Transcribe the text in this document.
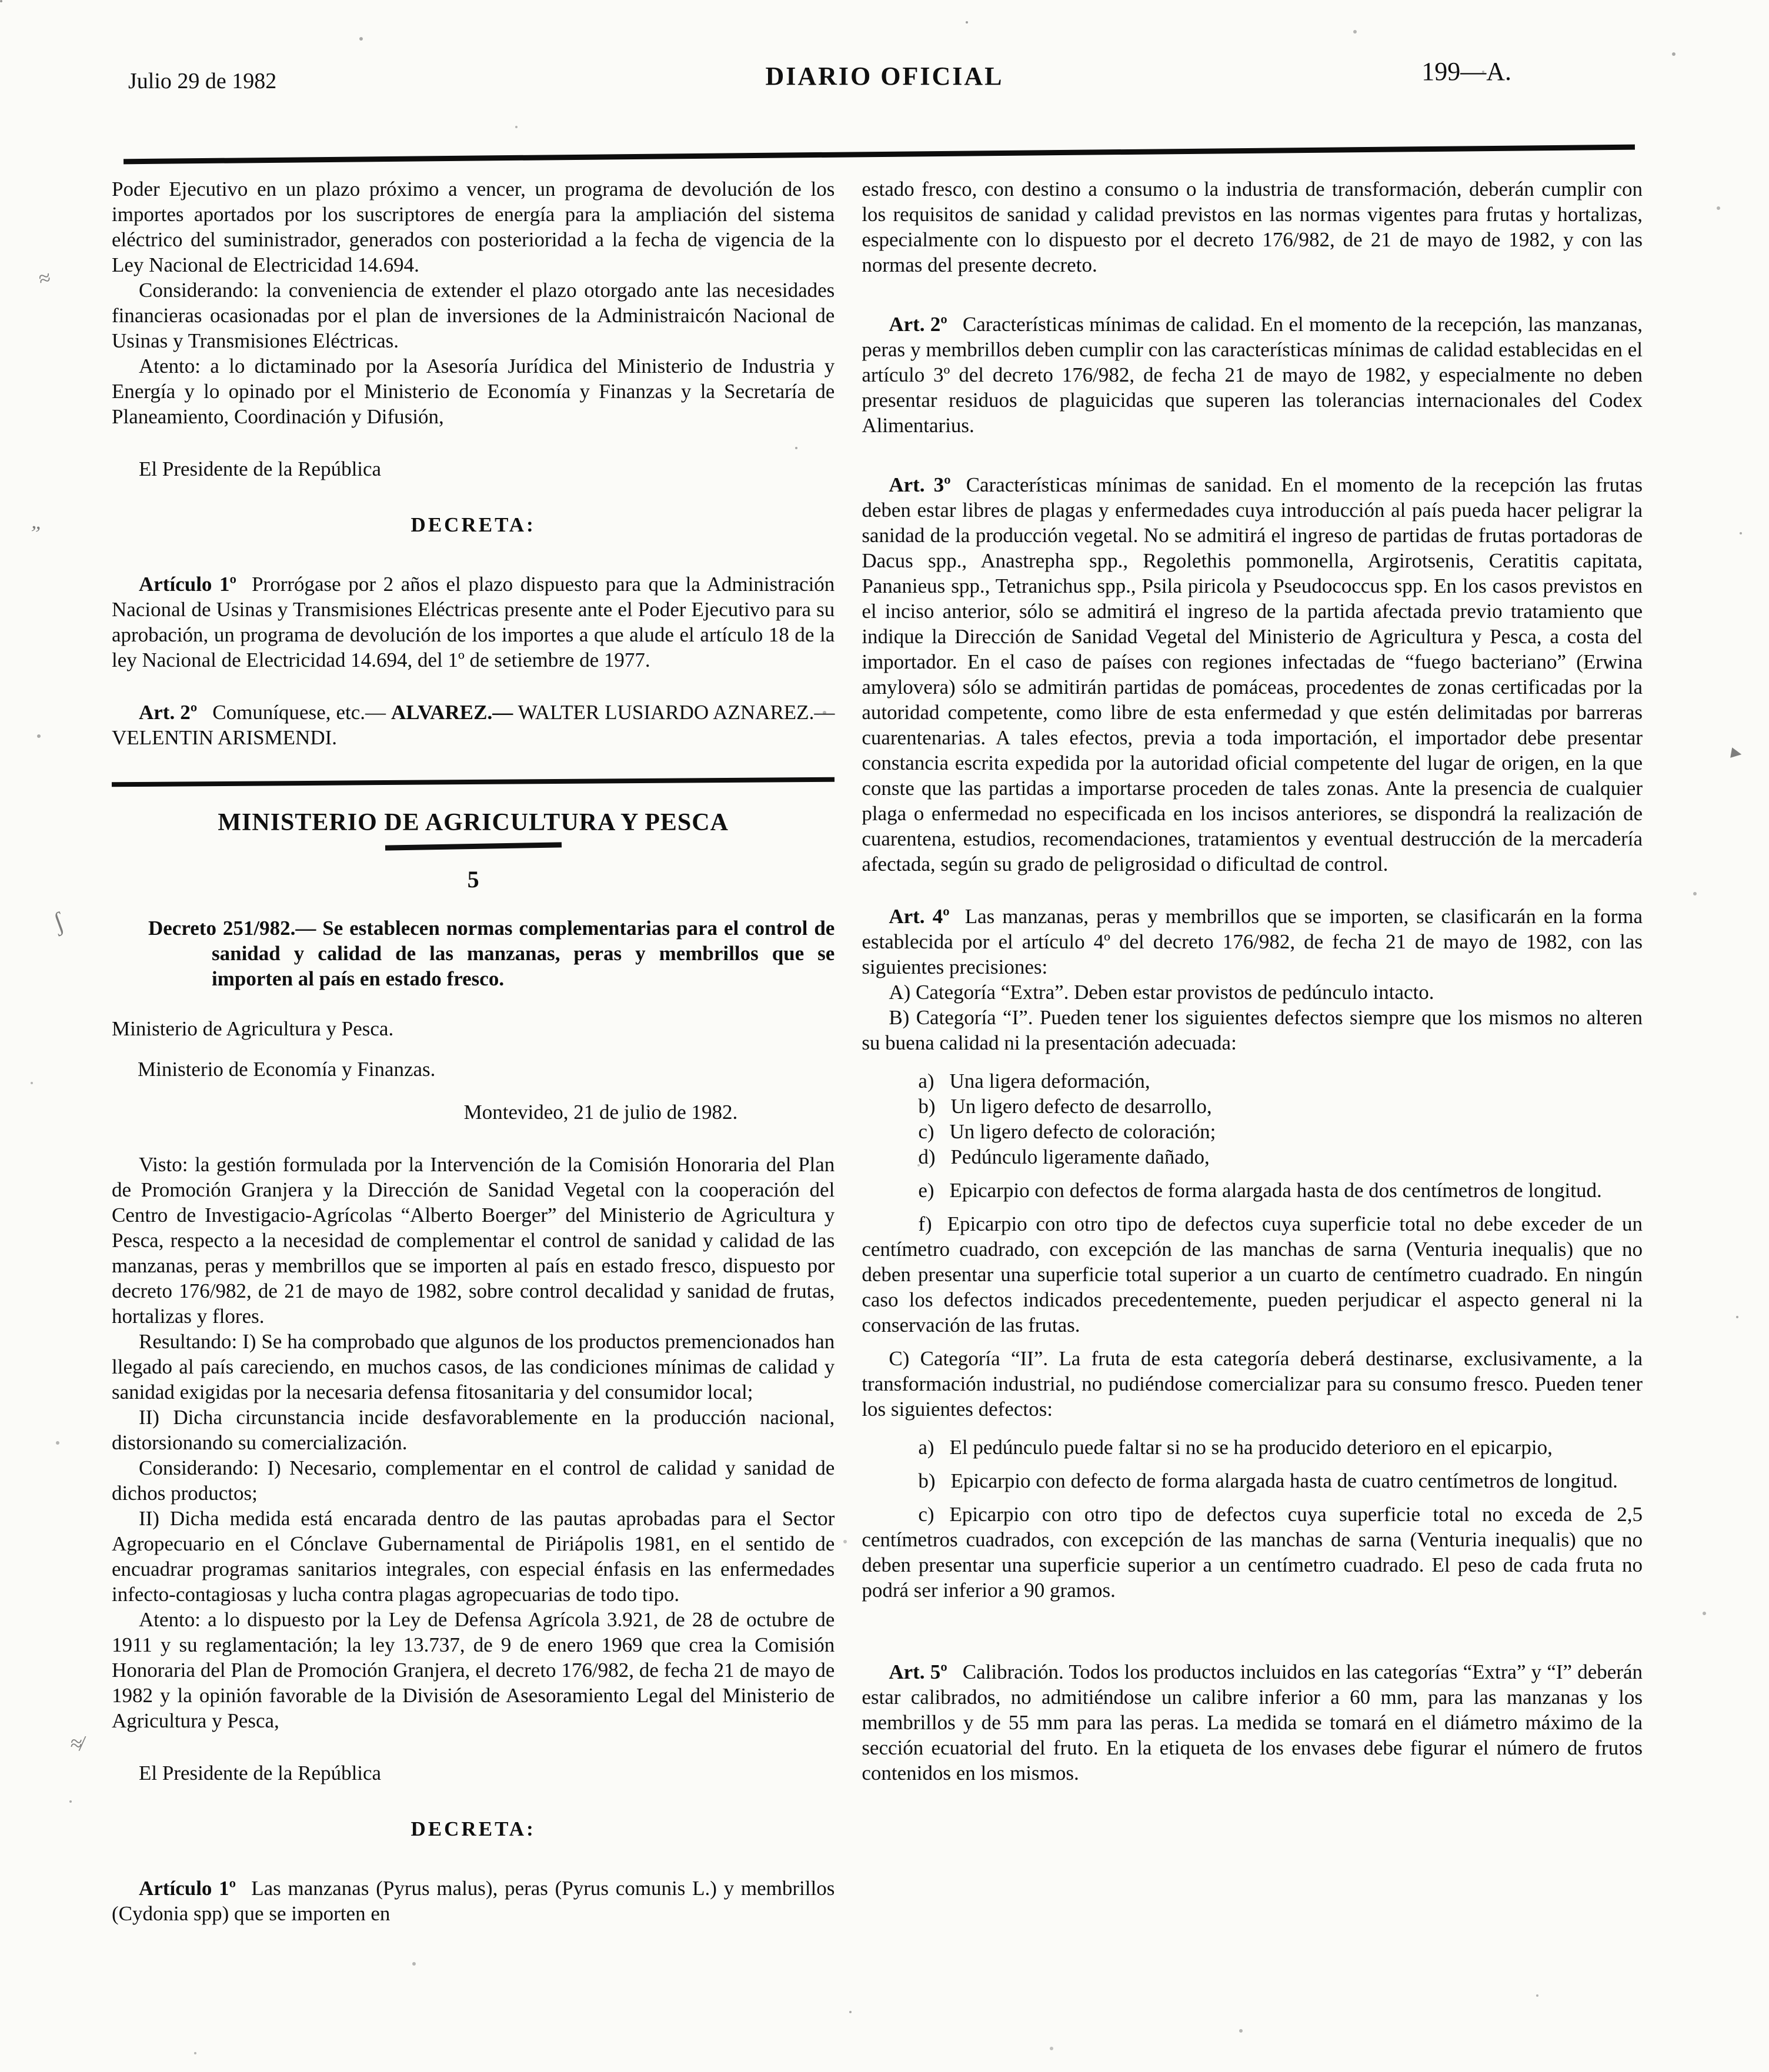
Julio 29 de 1982	DIARIO OFICIAL	199—A.

Poder Ejecutivo en un plazo próximo a vencer, un programa de devolución de los importes aportados por los suscriptores de energía para la ampliación del sistema eléctrico del suministrador, generados con posterioridad a la fecha de vigencia de la Ley Nacional de Electricidad 14.694.

Considerando: la conveniencia de extender el plazo otorgado ante las necesidades financieras ocasionadas por el plan de inversiones de la Administraicón Nacional de Usinas y Transmisiones Eléctricas.

Atento: a lo dictaminado por la Asesoría Jurídica del Ministerio de Industria y Energía y lo opinado por el Ministerio de Economía y Finanzas y la Secretaría de Planeamiento, Coordinación y Difusión,

El Presidente de la República

DECRETA:

Artículo 1º Prorrógase por 2 años el plazo dispuesto para que la Administración Nacional de Usinas y Transmisiones Eléctricas presente ante el Poder Ejecutivo para su aprobación, un programa de devolución de los importes a que alude el artículo 18 de la ley Nacional de Electricidad 14.694, del 1º de setiembre de 1977.

Art. 2º Comuníquese, etc.— ALVAREZ.— WALTER LUSIARDO AZNAREZ.— VELENTIN ARISMENDI.

MINISTERIO DE AGRICULTURA Y PESCA

5

Decreto 251/982.— Se establecen normas complementarias para el control de sanidad y calidad de las manzanas, peras y membrillos que se importen al país en estado fresco.

Ministerio de Agricultura y Pesca.

Ministerio de Economía y Finanzas.

Montevideo, 21 de julio de 1982.

Visto: la gestión formulada por la Intervención de la Comisión Honoraria del Plan de Promoción Granjera y la Dirección de Sanidad Vegetal con la cooperación del Centro de Investigacio-Agrícolas “Alberto Boerger” del Ministerio de Agricultura y Pesca, respecto a la necesidad de complementar el control de sanidad y calidad de las manzanas, peras y membrillos que se importen al país en estado fresco, dispuesto por decreto 176/982, de 21 de mayo de 1982, sobre control decalidad y sanidad de frutas, hortalizas y flores.

Resultando: I) Se ha comprobado que algunos de los productos premencionados han llegado al país careciendo, en muchos casos, de las condiciones mínimas de calidad y sanidad exigidas por la necesaria defensa fitosanitaria y del consumidor local;

II) Dicha circunstancia incide desfavorablemente en la producción nacional, distorsionando su comercialización.

Considerando: I) Necesario, complementar en el control de calidad y sanidad de dichos productos;

II) Dicha medida está encarada dentro de las pautas aprobadas para el Sector Agropecuario en el Cónclave Gubernamental de Piriápolis 1981, en el sentido de encuadrar programas sanitarios integrales, con especial énfasis en las enfermedades infecto-contagiosas y lucha contra plagas agropecuarias de todo tipo.

Atento: a lo dispuesto por la Ley de Defensa Agrícola 3.921, de 28 de octubre de 1911 y su reglamentación; la ley 13.737, de 9 de enero 1969 que crea la Comisión Honoraria del Plan de Promoción Granjera, el decreto 176/982, de fecha 21 de mayo de 1982 y la opinión favorable de la División de Asesoramiento Legal del Ministerio de Agricultura y Pesca,

El Presidente de la República

DECRETA:

Artículo 1º Las manzanas (Pyrus malus), peras (Pyrus comunis L.) y membrillos (Cydonia spp) que se importen en

estado fresco, con destino a consumo o la industria de transformación, deberán cumplir con los requisitos de sanidad y calidad previstos en las normas vigentes para frutas y hortalizas, especialmente con lo dispuesto por el decreto 176/982, de 21 de mayo de 1982, y con las normas del presente decreto.

Art. 2º Características mínimas de calidad. En el momento de la recepción, las manzanas, peras y membrillos deben cumplir con las características mínimas de calidad establecidas en el artículo 3º del decreto 176/982, de fecha 21 de mayo de 1982, y especialmente no deben presentar residuos de plaguicidas que superen las tolerancias internacionales del Codex Alimentarius.

Art. 3º Características mínimas de sanidad. En el momento de la recepción las frutas deben estar libres de plagas y enfermedades cuya introducción al país pueda hacer peligrar la sanidad de la producción vegetal. No se admitirá el ingreso de partidas de frutas portadoras de Dacus spp., Anastrepha spp., Regolethis pommonella, Argirotsenis, Ceratitis capitata, Pananieus spp., Tetranichus spp., Psila piricola y Pseudococcus spp. En los casos previstos en el inciso anterior, sólo se admitirá el ingreso de la partida afectada previo tratamiento que indique la Dirección de Sanidad Vegetal del Ministerio de Agricultura y Pesca, a costa del importador. En el caso de países con regiones infectadas de “fuego bacteriano” (Erwina amylovera) sólo se admitirán partidas de pomáceas, procedentes de zonas certificadas por la autoridad competente, como libre de esta enfermedad y que estén delimitadas por barreras cuarentenarias. A tales efectos, previa a toda importación, el importador debe presentar constancia escrita expedida por la autoridad oficial competente del lugar de origen, en la que conste que las partidas a importarse proceden de tales zonas. Ante la presencia de cualquier plaga o enfermedad no especificada en los incisos anteriores, se dispondrá la realización de cuarentena, estudios, recomendaciones, tratamientos y eventual destrucción de la mercadería afectada, según su grado de peligrosidad o dificultad de control.

Art. 4º Las manzanas, peras y membrillos que se importen, se clasificarán en la forma establecida por el artículo 4º del decreto 176/982, de fecha 21 de mayo de 1982, con las siguientes precisiones:

A) Categoría “Extra”. Deben estar provistos de pedúnculo intacto.

B) Categoría “I”. Pueden tener los siguientes defectos siempre que los mismos no alteren su buena calidad ni la presentación adecuada:

a) Una ligera deformación,

b) Un ligero defecto de desarrollo,

c) Un ligero defecto de coloración;

d) Pedúnculo ligeramente dañado,

e) Epicarpio con defectos de forma alargada hasta de dos centímetros de longitud.

f) Epicarpio con otro tipo de defectos cuya superficie total no debe exceder de un centímetro cuadrado, con excepción de las manchas de sarna (Venturia inequalis) que no deben presentar una superficie total superior a un cuarto de centímetro cuadrado. En ningún caso los defectos indicados precedentemente, pueden perjudicar el aspecto general ni la conservación de las frutas.

C) Categoría “II”. La fruta de esta categoría deberá destinarse, exclusivamente, a la transformación industrial, no pudiéndose comercializar para su consumo fresco. Pueden tener los siguientes defectos:

a) El pedúnculo puede faltar si no se ha producido deterioro en el epicarpio,

b) Epicarpio con defecto de forma alargada hasta de cuatro centímetros de longitud.

c) Epicarpio con otro tipo de defectos cuya superficie total no exceda de 2,5 centímetros cuadrados, con excepción de las manchas de sarna (Venturia inequalis) que no deben presentar una superficie superior a un centímetro cuadrado. El peso de cada fruta no podrá ser inferior a 90 gramos.

Art. 5º Calibración. Todos los productos incluidos en las categorías “Extra” y “I” deberán estar calibrados, no admitiéndose un calibre inferior a 60 mm, para las manzanas y los membrillos y de 55 mm para las peras. La medida se tomará en el diámetro máximo de la sección ecuatorial del fruto. En la etiqueta de los envases debe figurar el número de frutos contenidos en los mismos.

≈
”
ʃ
≉
▸
